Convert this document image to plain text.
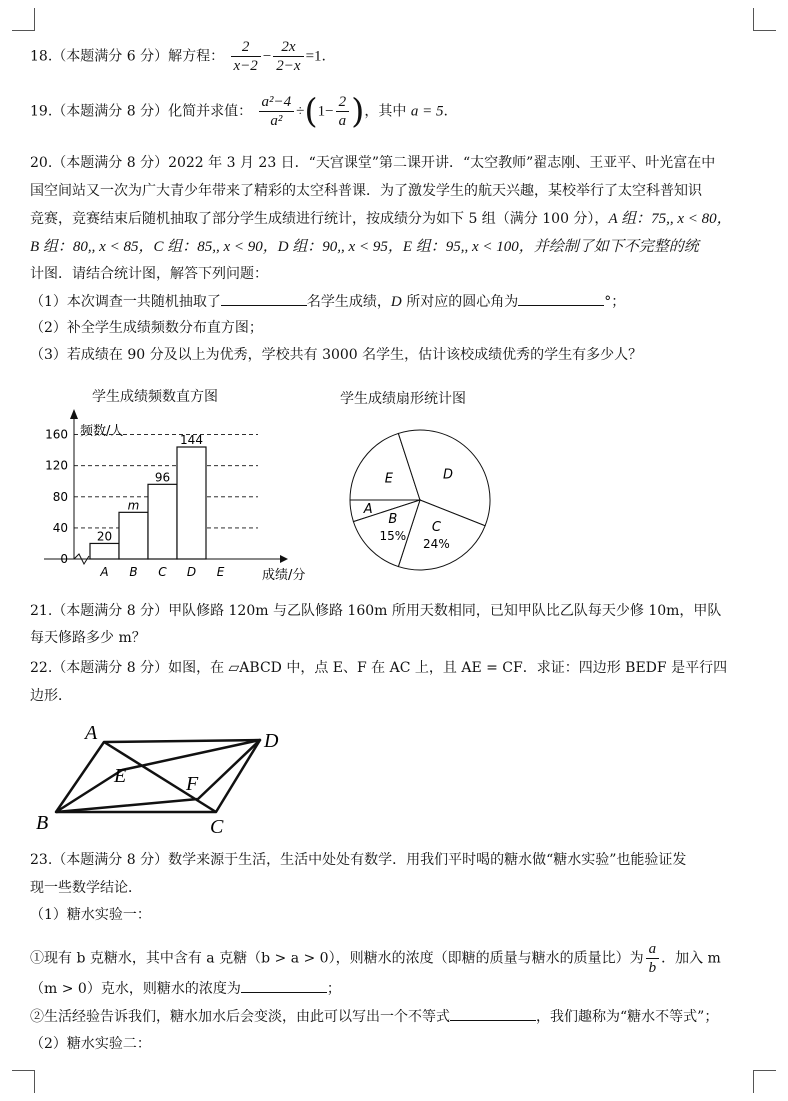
18.（本题满分 6 分）解方程： $\frac{2}{x-2} - \frac{2x}{2-x} =1$.
19.（本题满分 8 分）化简并求值： $\frac{\text{a²−4}}{\text{a²}} \div(1- \frac{2}{a}$ )，其中 a = 5.
20.（本题满分 8 分）2022 年 3 月 23 日．“天宫课堂”第二课开讲．“太空教师”翟志刚、王亚平、叶光富在中
国空间站又一次为广大青少年带来了精彩的太空科普课．为了激发学生的航天兴趣，某校举行了太空科普知识
竞赛，竞赛结束后随机抽取了部分学生成绩进行统计，按成绩分为如下 5 组（满分 100 分），A 组：75,, x < 80，
B 组：80,, x < 85，C 组：85,, x < 90，D 组：90,, x < 95，E 组：95,, x < 100，并绘制了如下不完整的统
计图．请结合统计图，解答下列问题：
（1）本次调查一共随机抽取了	名学生成绩，D 所对应的圆心角为	°；
（2）补全学生成绩频数分布直方图；
（3）若成绩在 90 分及以上为优秀，学校共有 3000 名学生，估计该校成绩优秀的学生有多少人？
学生成绩频数直方图
频数/人
成绩/分
0
40
80
120
160
20
A
m
B
96
C
144
D E
学生成绩扇形统计图
A
E	D
C
24%
B
15%
21.（本题满分 8 分）甲队修路 120m 与乙队修路 160m 所用天数相同，已知甲队比乙队每天少修 10m，甲队
每天修路多少 m？
22.（本题满分 8 分）如图，在 ▱ABCD 中，点 E、F 在 AC 上，且 AE = CF．求证：四边形 BEDF 是平行四
边形．
A	D
B	C
E	F
23.（本题满分 8 分）数学来源于生活，生活中处处有数学．用我们平时喝的糖水做“糖水实验”也能验证发
现一些数学结论．
（1）糖水实验一：
①现有 b 克糖水，其中含有 a 克糖（b > a > 0），则糖水的浓度（即糖的质量与糖水的质量比）为 $\frac{a}{b}$ ．加入 m
（m > 0）克水，则糖水的浓度为	；
②生活经验告诉我们，糖水加水后会变淡，由此可以写出一个不等式	，我们趣称为“糖水不等式”；
（2）糖水实验二：
